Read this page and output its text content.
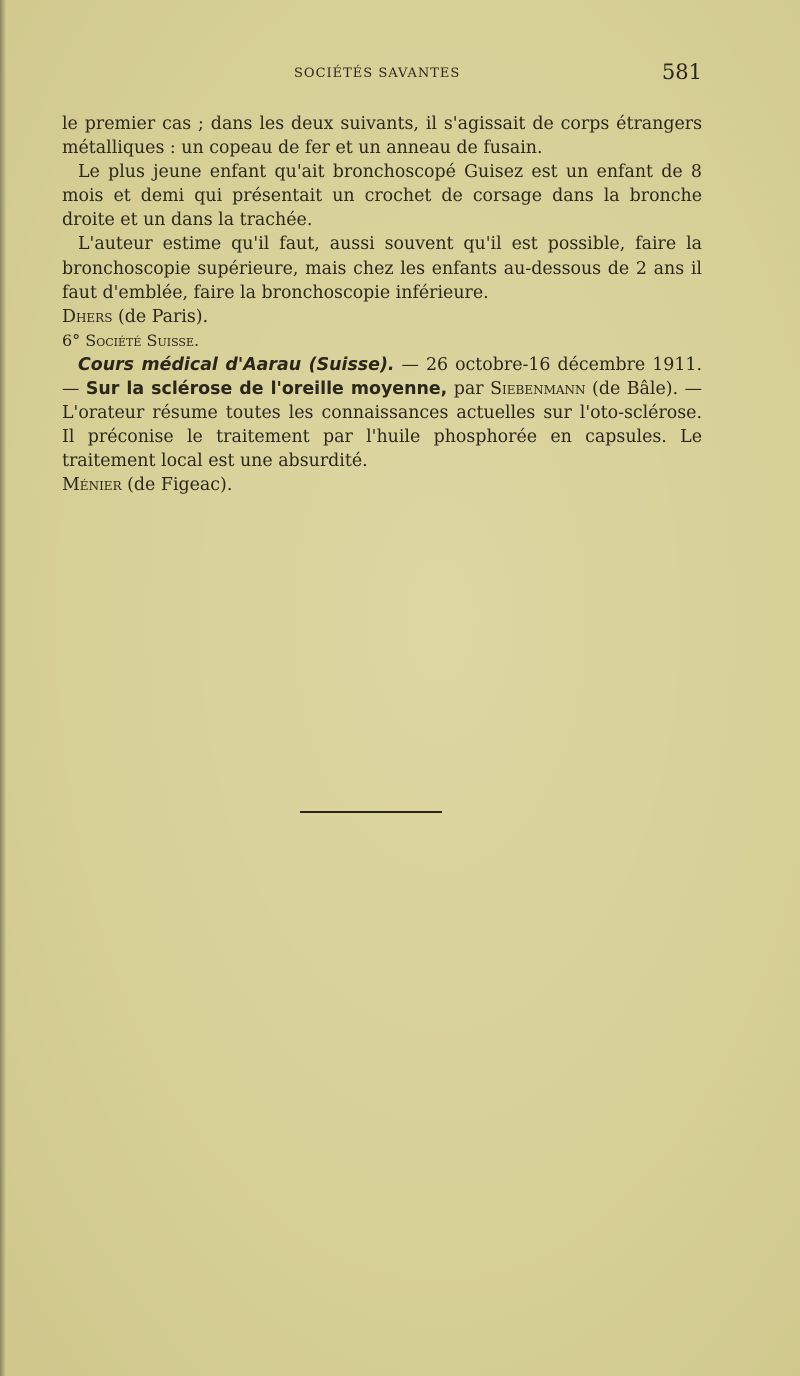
SOCIÉTÉS SAVANTES	581

le premier cas ; dans les deux suivants, il s'agissait de corps étrangers métalliques : un copeau de fer et un anneau de fusain.

Le plus jeune enfant qu'ait bronchoscopé Guisez est un enfant de 8 mois et demi qui présentait un crochet de corsage dans la bronche droite et un dans la trachée.

L'auteur estime qu'il faut, aussi souvent qu'il est possible, faire la bronchoscopie supérieure, mais chez les enfants au-dessous de 2 ans il faut d'emblée, faire la bronchoscopie inférieure.

Dhers (de Paris).

6° Société Suisse.

Cours médical d'Aarau (Suisse). — 26 octobre-16 décembre 1911. — Sur la sclérose de l'oreille moyenne, par Siebenmann (de Bâle). — L'orateur résume toutes les connaissances actuelles sur l'oto-sclérose. Il préconise le traitement par l'huile phosphorée en capsules. Le traitement local est une absurdité.

Ménier (de Figeac).
